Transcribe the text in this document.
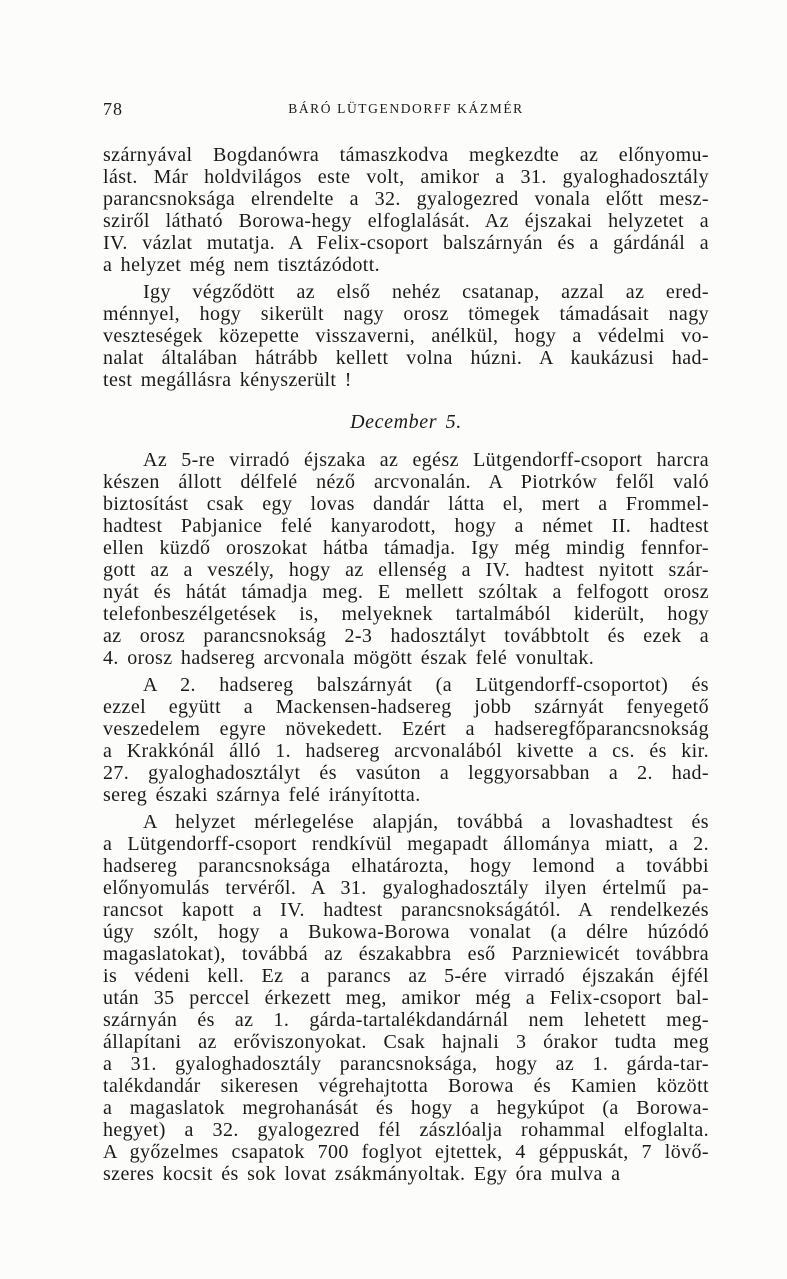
78	BÁRÓ LÜTGENDORFF KÁZMÉR
szárnyával Bogdanówra támaszkodva megkezdte az előnyomu-
lást. Már holdvilágos este volt, amikor a 31. gyaloghadosztály
parancsnoksága elrendelte a 32. gyalogezred vonala előtt mesz-
sziről látható Borowa-hegy elfoglalását. Az éjszakai helyzetet a
IV. vázlat mutatja. A Felix-csoport balszárnyán és a gárdánál a
a helyzet még nem tisztázódott.
Igy végződött az első nehéz csatanap, azzal az ered-
ménnyel, hogy sikerült nagy orosz tömegek támadásait nagy
veszteségek közepette visszaverni, anélkül, hogy a védelmi vo-
nalat általában hátrább kellett volna húzni. A kaukázusi had-
test megállásra kényszerült !
December 5.
Az 5-re virradó éjszaka az egész Lütgendorff-csoport harcra
készen állott délfelé néző arcvonalán. A Piotrków felől való
biztosítást csak egy lovas dandár látta el, mert a Frommel-
hadtest Pabjanice felé kanyarodott, hogy a német II. hadtest
ellen küzdő oroszokat hátba támadja. Igy még mindig fennfor-
gott az a veszély, hogy az ellenség a IV. hadtest nyitott szár-
nyát és hátát támadja meg. E mellett szóltak a felfogott orosz
telefonbeszélgetések is, melyeknek tartalmából kiderült, hogy
az orosz parancsnokság 2-3 hadosztályt továbbtolt és ezek a
4. orosz hadsereg arcvonala mögött észak felé vonultak.
A 2. hadsereg balszárnyát (a Lütgendorff-csoportot) és
ezzel együtt a Mackensen-hadsereg jobb szárnyát fenyegető
veszedelem egyre növekedett. Ezért a hadseregfőparancsnokság
a Krakkónál álló 1. hadsereg arcvonalából kivette a cs. és kir.
27. gyaloghadosztályt és vasúton a leggyorsabban a 2. had-
sereg északi szárnya felé irányította.
A helyzet mérlegelése alapján, továbbá a lovashadtest és
a Lütgendorff-csoport rendkívül megapadt állománya miatt, a 2.
hadsereg parancsnoksága elhatározta, hogy lemond a további
előnyomulás tervéről. A 31. gyaloghadosztály ilyen értelmű pa-
rancsot kapott a IV. hadtest parancsnokságától. A rendelkezés
úgy szólt, hogy a Bukowa-Borowa vonalat (a délre húzódó
magaslatokat), továbbá az északabbra eső Parzniewicét továbbra
is védeni kell. Ez a parancs az 5-ére virradó éjszakán éjfél
után 35 perccel érkezett meg, amikor még a Felix-csoport bal-
szárnyán és az 1. gárda-tartalékdandárnál nem lehetett meg-
állapítani az erőviszonyokat. Csak hajnali 3 órakor tudta meg
a 31. gyaloghadosztály parancsnoksága, hogy az 1. gárda-tar-
talékdandár sikeresen végrehajtotta Borowa és Kamien között
a magaslatok megrohanását és hogy a hegykúpot (a Borowa-
hegyet) a 32. gyalogezred fél zászlóalja rohammal elfoglalta.
A győzelmes csapatok 700 foglyot ejtettek, 4 géppuskát, 7 lövő-
szeres kocsit és sok lovat zsákmányoltak. Egy óra mulva a
